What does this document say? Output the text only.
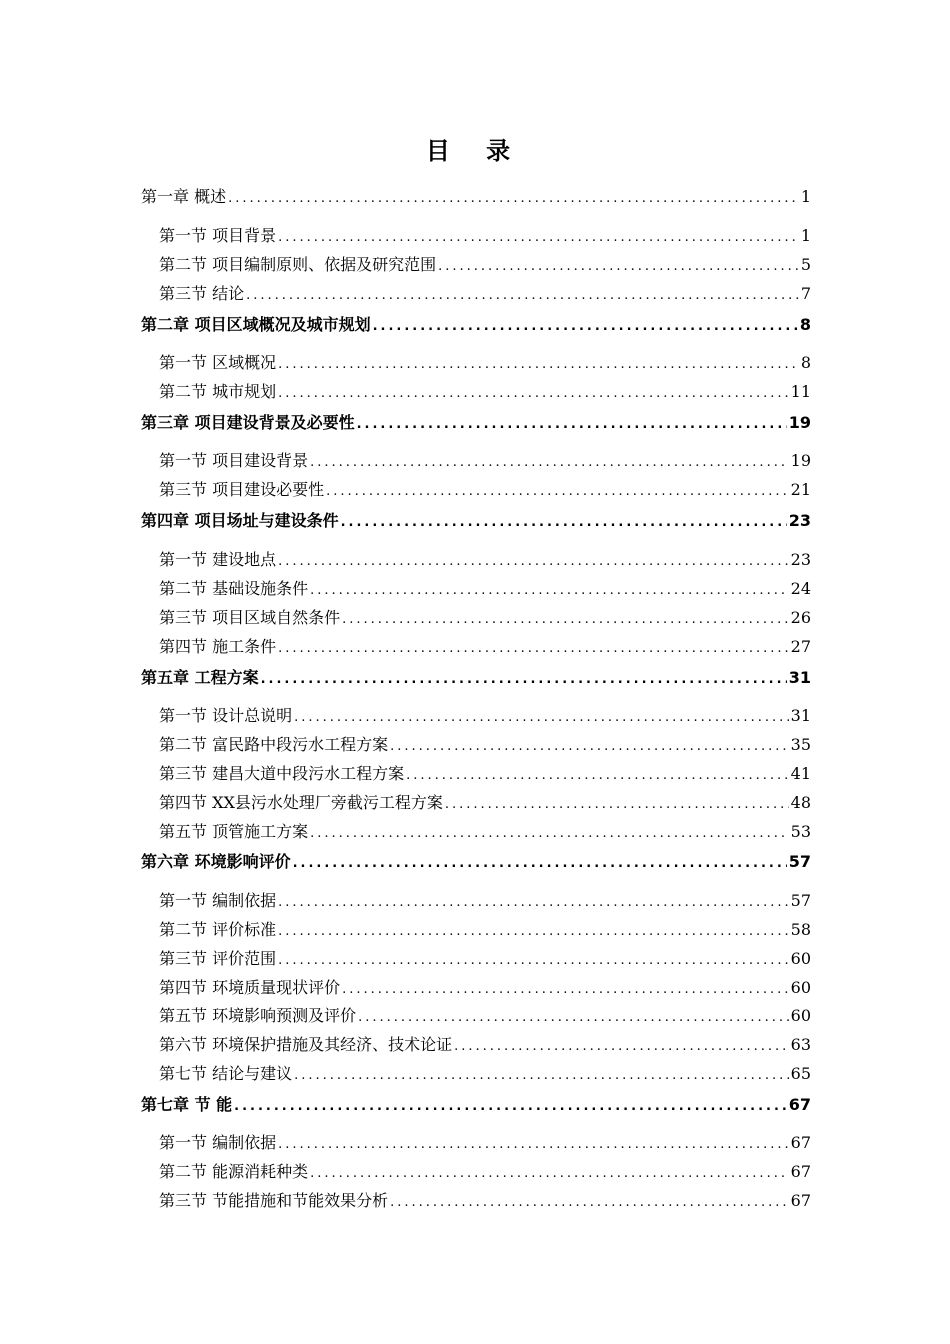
目 录
第一章 概述 .....	1
第一节 项目背景 .....	1
第二节 项目编制原则、依据及研究范围 .....	5
第三节 结论 .....	7
第二章 项目区域概况及城市规划 .....	8
第一节 区域概况 .....	8
第二节 城市规划 .....	11
第三章 项目建设背景及必要性 .....	19
第一节 项目建设背景 .....	19
第三节 项目建设必要性 .....	21
第四章 项目场址与建设条件 .....	23
第一节 建设地点 .....	23
第二节 基础设施条件 .....	24
第三节 项目区域自然条件 .....	26
第四节 施工条件 .....	27
第五章 工程方案 .....	31
第一节 设计总说明 .....	31
第二节 富民路中段污水工程方案 .....	35
第三节 建昌大道中段污水工程方案 .....	41
第四节 XX县污水处理厂旁截污工程方案 .....	48
第五节 顶管施工方案 .....	53
第六章 环境影响评价 .....	57
第一节 编制依据 .....	57
第二节 评价标准 .....	58
第三节 评价范围 .....	60
第四节 环境质量现状评价 .....	60
第五节 环境影响预测及评价 .....	60
第六节 环境保护措施及其经济、技术论证 .....	63
第七节 结论与建议 .....	65
第七章 节 能 .....	67
第一节 编制依据 .....	67
第二节 能源消耗种类 .....	67
第三节 节能措施和节能效果分析 .....	67
